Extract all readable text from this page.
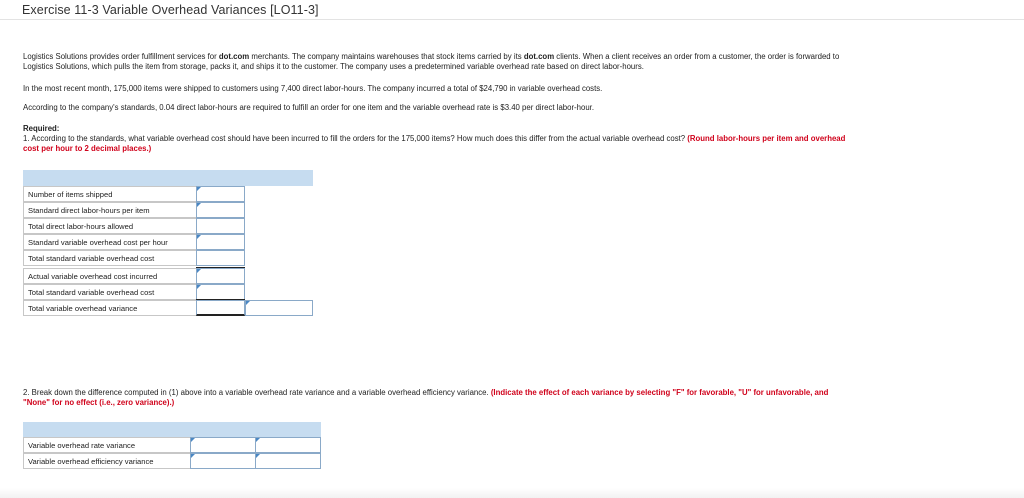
Exercise 11-3 Variable Overhead Variances [LO11-3]
Logistics Solutions provides order fulfillment services for dot.com merchants. The company maintains warehouses that stock items carried by its dot.com clients. When a client receives an order from a customer, the order is forwarded to
Logistics Solutions, which pulls the item from storage, packs it, and ships it to the customer. The company uses a predetermined variable overhead rate based on direct labor-hours.
In the most recent month, 175,000 items were shipped to customers using 7,400 direct labor-hours. The company incurred a total of $24,790 in variable overhead costs.
According to the company's standards, 0.04 direct labor-hours are required to fulfill an order for one item and the variable overhead rate is $3.40 per direct labor-hour.
Required:
1. According to the standards, what variable overhead cost should have been incurred to fill the orders for the 175,000 items? How much does this differ from the actual variable overhead cost? (Round labor-hours per item and overhead
cost per hour to 2 decimal places.)
Number of items shipped
Standard direct labor-hours per item
Total direct labor-hours allowed
Standard variable overhead cost per hour
Total standard variable overhead cost
Actual variable overhead cost incurred
Total standard variable overhead cost
Total variable overhead variance
2. Break down the difference computed in (1) above into a variable overhead rate variance and a variable overhead efficiency variance. (Indicate the effect of each variance by selecting "F" for favorable, "U" for unfavorable, and
"None" for no effect (i.e., zero variance).)
Variable overhead rate variance
Variable overhead efficiency variance
